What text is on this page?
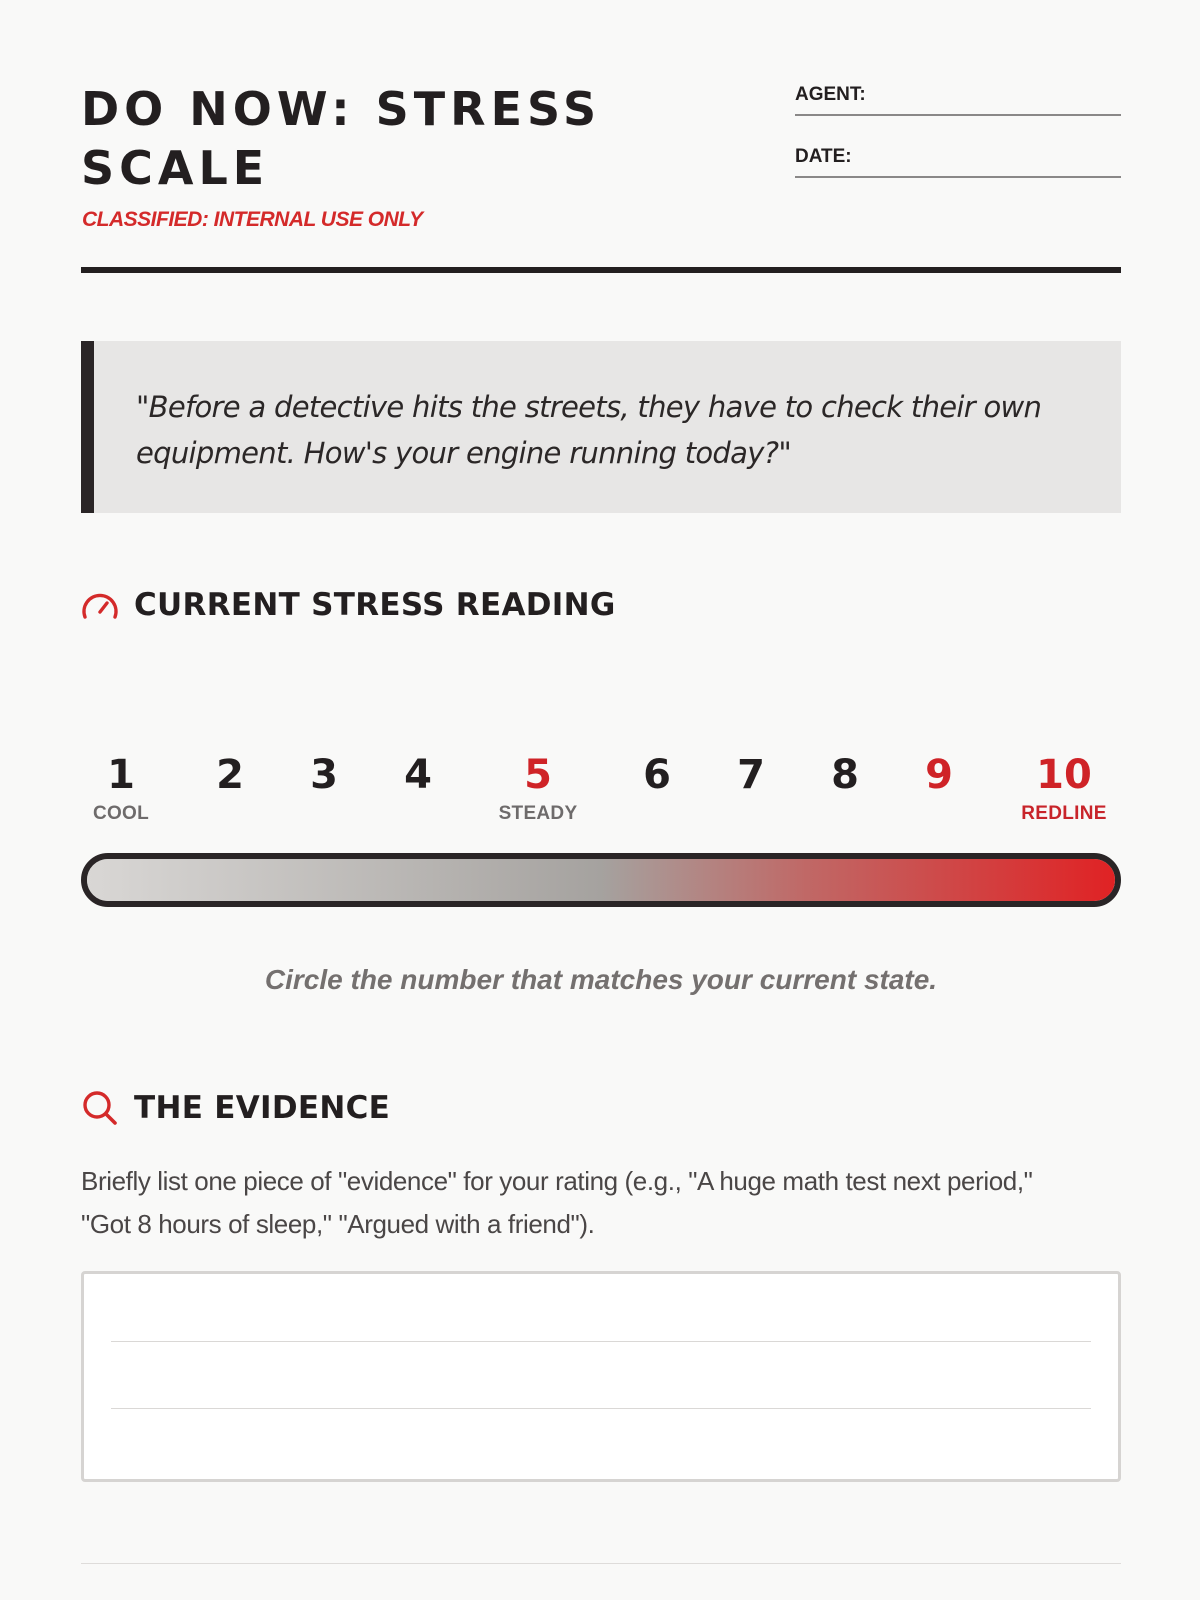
DO NOW: STRESS SCALE
CLASSIFIED: INTERNAL USE ONLY
AGENT:
DATE:
"Before a detective hits the streets, they have to check their own equipment. How's your engine running today?"
CURRENT STRESS READING
1
COOL
2	3	4	5
STEADY
6	7	8	9	10
REDLINE
Circle the number that matches your current state.
THE EVIDENCE
Briefly list one piece of "evidence" for your rating (e.g., "A huge math test next period," "Got 8 hours of sleep," "Argued with a friend").
